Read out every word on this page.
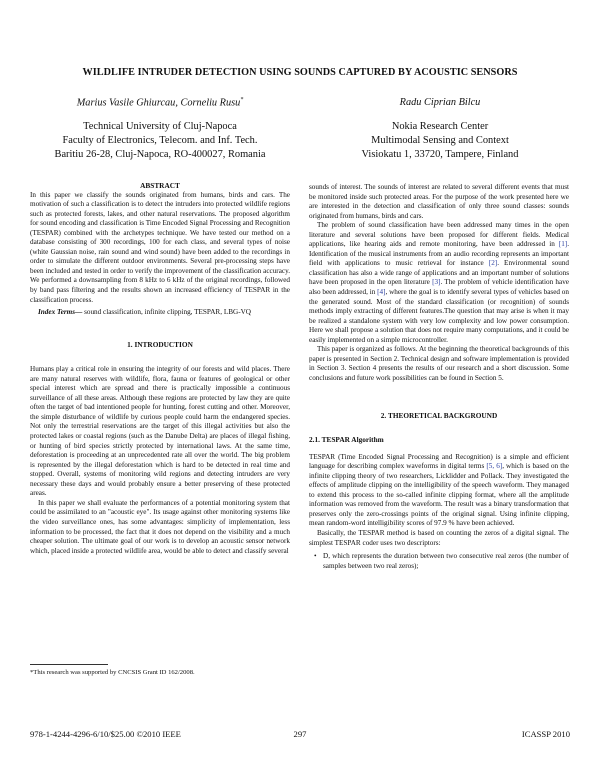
WILDLIFE INTRUDER DETECTION USING SOUNDS CAPTURED BY ACOUSTIC SENSORS
Marius Vasile Ghiurcau, Corneliu Rusu*	Radu Ciprian Bilcu
Technical University of Cluj-Napoca
Faculty of Electronics, Telecom. and Inf. Tech.
Baritiu 26-28, Cluj-Napoca, RO-400027, Romania
Nokia Research Center
Multimodal Sensing and Context
Visiokatu 1, 33720, Tampere, Finland

ABSTRACT

In this paper we classify the sounds originated from humans, birds and cars. The motivation of such a classification is to detect the intruders into protected wildlife regions such as protected forests, lakes, and other natural reservations. The proposed algorithm for sound encoding and classification is Time Encoded Signal Processing and Recognition (TESPAR) combined with the archetypes technique. We have tested our method on a database consisting of 300 recordings, 100 for each class, and several types of noise (white Gaussian noise, rain sound and wind sound) have been added to the recordings in order to simulate the different outdoor environments. Several pre-processing steps have been included and tested in order to verify the improvement of the classification accuracy. We performed a downsampling from 8 kHz to 6 kHz of the original recordings, followed by band pass filtering and the results shown an increased efficiency of TESPAR in the classification process.

Index Terms— sound classification, infinite clipping, TESPAR, LBG-VQ

1. INTRODUCTION

Humans play a critical role in ensuring the integrity of our forests and wild places. There are many natural reserves with wildlife, flora, fauna or features of geological or other special interest which are spread and there is practically impossible a continuous surveillance of all these areas. Although these regions are protected by law they are quite often the target of bad intentioned people for hunting, forest cutting and other. Moreover, the simple disturbance of wildlife by curious people could harm the endangered species. Not only the terrestrial reservations are the target of this illegal activities but also the protected lakes or coastal regions (such as the Danube Delta) are places of illegal fishing, or hunting of bird species strictly protected by international laws. At the same time, deforestation is proceeding at an unprecedented rate all over the world. The big problem is represented by the illegal deforestation which is hard to be detected in real time and stopped. Overall, systems of monitoring wild regions and detecting intruders are very necessary these days and would probably ensure a better preserving of these protected areas.

In this paper we shall evaluate the performances of a potential monitoring system that could be assimilated to an "acoustic eye". Its usage against other monitoring systems like the video surveillance ones, has some advantages: simplicity of implementation, less information to be processed, the fact that it does not depend on the visibility and a much cheaper solution. The ultimate goal of our work is to develop an acoustic sensor network which, placed inside a protected wildlife area, would be able to detect and classify several

*This research was supported by CNCSIS Grant ID 162/2008.

sounds of interest. The sounds of interest are related to several different events that must be monitored inside such protected areas. For the purpose of the work presented here we are interested in the detection and classification of only three sound classes: sounds originated from humans, birds and cars.

The problem of sound classification have been addressed many times in the open literature and several solutions have been proposed for different fields. Medical applications, like hearing aids and remote monitoring, have been addressed in [1]. Identification of the musical instruments from an audio recording represents an important field with applications to music retrieval for instance [2]. Environmental sound classification has also a wide range of applications and an important number of solutions have been proposed in the open literature [3]. The problem of vehicle identification have also been addressed, in [4], where the goal is to identify several types of vehicles based on the generated sound. Most of the standard classification (or recognition) of sounds methods imply extracting of different features.The question that may arise is when it may be realized a standalone system with very low complexity and low power consumption. Here we shall propose a solution that does not require many computations, and it could be easily implemented on a simple microcontroller.

This paper is organized as follows. At the beginning the theoretical backgrounds of this paper is presented in Section 2. Technical design and software implementation is provided in Section 3. Section 4 presents the results of our research and a short discussion. Some conclusions and future work possibilities can be found in Section 5.

2. THEORETICAL BACKGROUND

2.1. TESPAR Algorithm

TESPAR (Time Encoded Signal Processing and Recognition) is a simple and efficient language for describing complex waveforms in digital terms [5, 6], which is based on the infinite clipping theory of two researchers, Licklidder and Pollack. They investigated the effects of amplitude clipping on the intelligibility of the speech waveform. They managed to extend this process to the so-called infinite clipping format, where all the amplitude information was removed from the waveform. The result was a binary transformation that preserves only the zero-crossings points of the original signal. Using infinite clipping, mean random-word intelligibility scores of 97.9 % have been achieved.

Basically, the TESPAR method is based on counting the zeros of a digital signal. The simplest TESPAR coder uses two descriptors:

• D, which represents the duration between two consecutive real zeros (the number of samples between two real zeros);
978-1-4244-4296-6/10/$25.00 ©2010 IEEE	297	ICASSP 2010
